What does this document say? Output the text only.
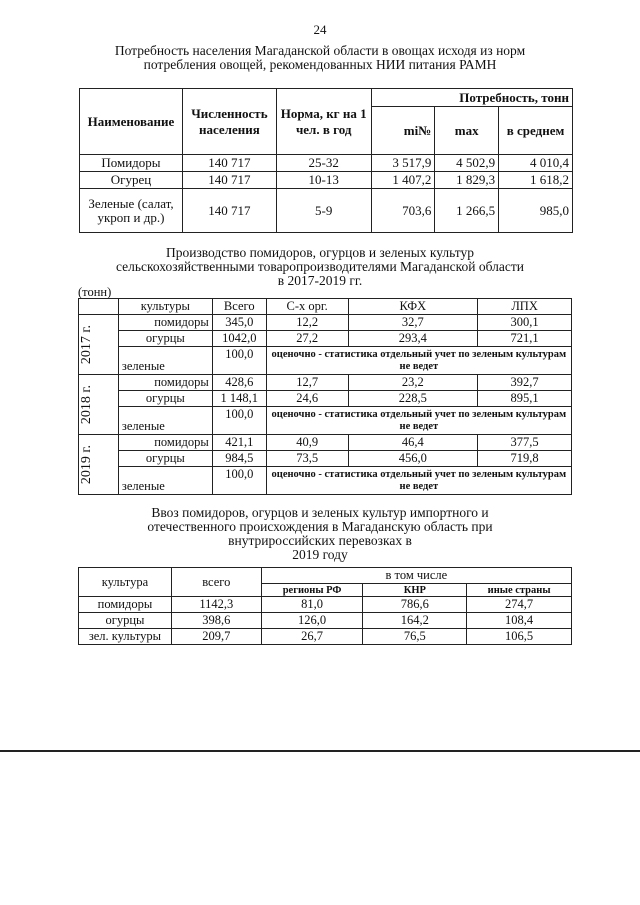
24
Потребность населения Магаданской области в овощах исходя из норм
потребления овощей, рекомендованных НИИ питания РАМН
Наименование	Численность населения	Норма, кг на 1 чел. в год	Потребность, тонн		
			mi№	max	в среднем
Помидоры	140 717	25-32	3 517,9	4 502,9	4 010,4
Огурец	140 717	10-13	1 407,2	1 829,3	1 618,2
Зеленые (салат, укроп и др.)	140 717	5-9	703,6	1 266,5	985,0
Производство помидоров, огурцов и зеленых культур
сельскохозяйственными товаропроизводителями Магаданской области
в 2017-2019 гг.
(тонн)
	культуры	Всего	С-х орг.	КФХ	ЛПХ

2017 г.	помидоры	345,0	12,2	32,7	300,1
	огурцы	1042,0	27,2	293,4	721,1
	зеленые	100,0	оценочно - статистика отдельный учет по зеленым культурам не ведет		

2018 г.	помидоры	428,6	12,7	23,2	392,7
	огурцы	1 148,1	24,6	228,5	895,1
	зеленые	100,0	оценочно - статистика отдельный учет по зеленым культурам не ведет		

2019 г.	помидоры	421,1	40,9	46,4	377,5
	огурцы	984,5	73,5	456,0	719,8
	зеленые	100,0	оценочно - статистика отдельный учет по зеленым культурам не ведет		
Ввоз помидоров, огурцов и зеленых культур импортного и
отечественного происхождения в Магаданскую область при
внутрироссийских перевозках в
2019 году
культура	всего	в том числе		
		регионы РФ	КНР	иные страны
помидоры	1142,3	81,0	786,6	274,7
огурцы	398,6	126,0	164,2	108,4
зел. культуры	209,7	26,7	76,5	106,5
